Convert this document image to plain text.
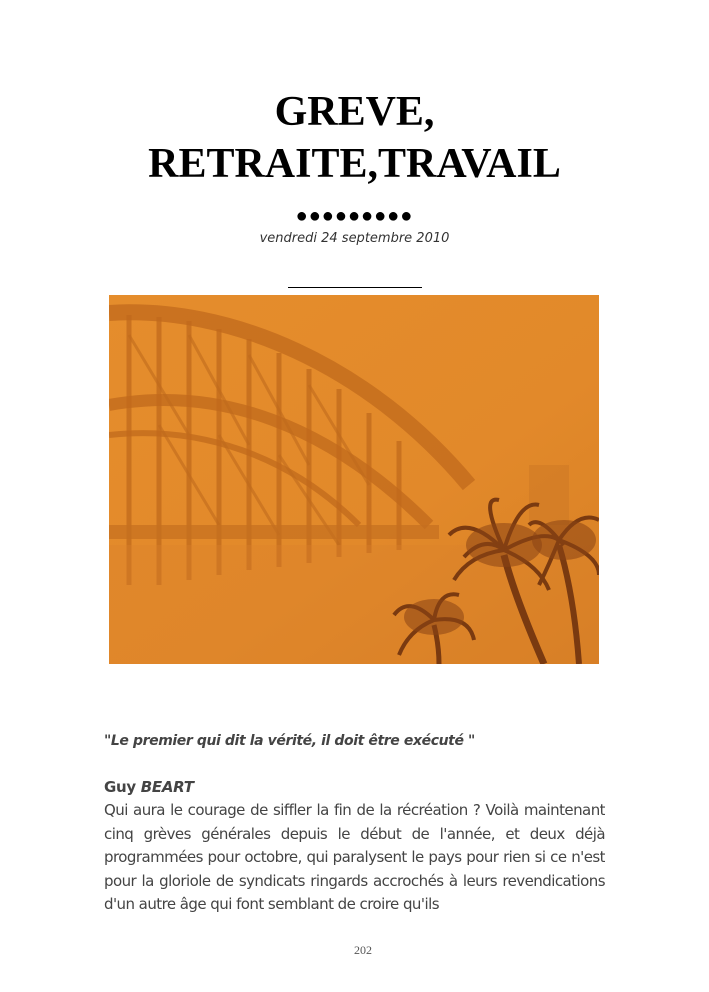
GREVE,
RETRAITE,TRAVAIL
●●●●●●●●●
vendredi 24 septembre 2010
"Le premier qui dit la vérité, il doit être exécuté "
Guy BEART
Qui aura le courage de siffler la fin de la récréation ? Voilà maintenant cinq grèves générales depuis le début de l'année, et deux déjà programmées pour octobre, qui paralysent le pays pour rien si ce n'est pour la gloriole de syndicats ringards accrochés à leurs revendications d'un autre âge qui font semblant de croire qu'ils
202
